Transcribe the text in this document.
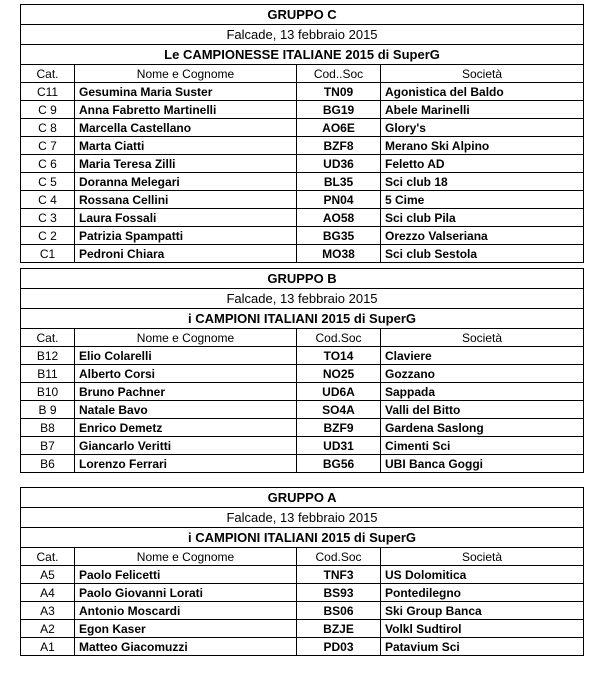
GRUPPO C			
Falcade, 13 febbraio 2015			
Le CAMPIONESSE ITALIANE 2015 di SuperG			
Cat.	Nome e Cognome	Cod..Soc	Società
C11	Gesumina Maria Suster	TN09	Agonistica del Baldo
C 9	Anna Fabretto Martinelli	BG19	Abele Marinelli
C 8	Marcella Castellano	AO6E	Glory's
C 7	Marta Ciatti	BZF8	Merano Ski Alpino
C 6	Maria Teresa Zilli	UD36	Feletto AD
C 5	Doranna Melegari	BL35	Sci club 18
C 4	Rossana Cellini	PN04	5 Cime
C 3	Laura Fossali	AO58	Sci club Pila
C 2	Patrizia Spampatti	BG35	Orezzo Valseriana
C1	Pedroni Chiara	MO38	Sci club Sestola
GRUPPO B			
Falcade, 13 febbraio 2015			
i CAMPIONI ITALIANI 2015 di SuperG			
Cat.	Nome e Cognome	Cod.Soc	Società
B12	Elio Colarelli	TO14	Claviere
B11	Alberto Corsi	NO25	Gozzano
B10	Bruno Pachner	UD6A	Sappada
B 9	Natale Bavo	SO4A	Valli del Bitto
B8	Enrico Demetz	BZF9	Gardena Saslong
B7	Giancarlo Veritti	UD31	Cimenti Sci
B6	Lorenzo Ferrari	BG56	UBI Banca Goggi
GRUPPO A			
Falcade, 13 febbraio 2015			
i CAMPIONI ITALIANI 2015 di SuperG			
Cat.	Nome e Cognome	Cod.Soc	Società
A5	Paolo Felicetti	TNF3	US Dolomitica
A4	Paolo Giovanni Lorati	BS93	Pontedilegno
A3	Antonio Moscardi	BS06	Ski Group Banca
A2	Egon Kaser	BZJE	Volkl Sudtirol
A1	Matteo Giacomuzzi	PD03	Patavium Sci
